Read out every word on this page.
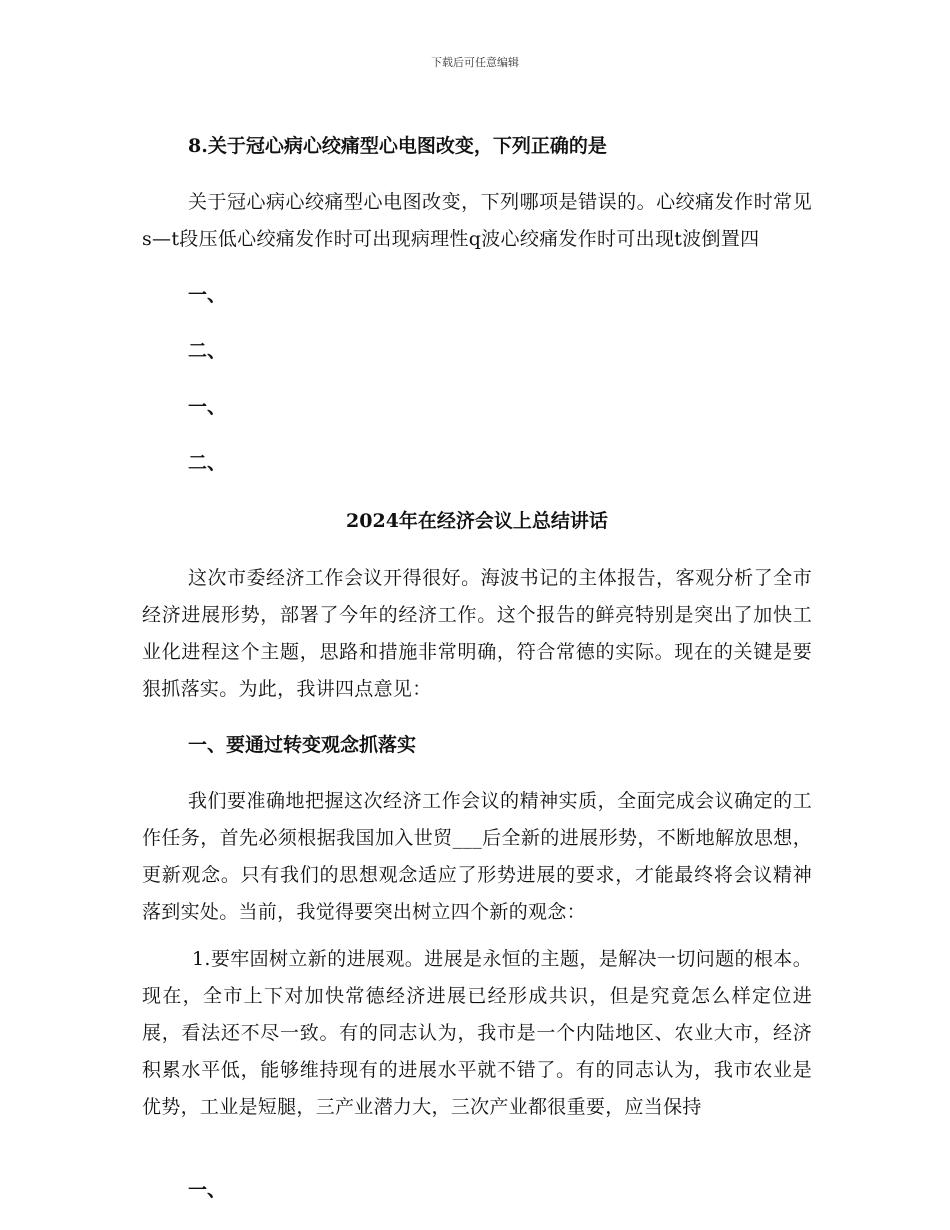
下载后可任意编辑

8.关于冠心病心绞痛型心电图改变，下列正确的是

关于冠心病心绞痛型心电图改变，下列哪项是错误的。心绞痛发作时常见s—t段压低心绞痛发作时可出现病理性q波心绞痛发作时可出现t波倒置四

一、

二、

一、

二、

2024年在经济会议上总结讲话

这次市委经济工作会议开得很好。海波书记的主体报告，客观分析了全市经济进展形势，部署了今年的经济工作。这个报告的鲜亮特别是突出了加快工业化进程这个主题，思路和措施非常明确，符合常德的实际。现在的关键是要狠抓落实。为此，我讲四点意见：

一、要通过转变观念抓落实

我们要准确地把握这次经济工作会议的精神实质，全面完成会议确定的工作任务，首先必须根据我国加入世贸___后全新的进展形势，不断地解放思想，更新观念。只有我们的思想观念适应了形势进展的要求，才能最终将会议精神落到实处。当前，我觉得要突出树立四个新的观念：

1.要牢固树立新的进展观。进展是永恒的主题，是解决一切问题的根本。现在，全市上下对加快常德经济进展已经形成共识，但是究竟怎么样定位进展，看法还不尽一致。有的同志认为，我市是一个内陆地区、农业大市，经济积累水平低，能够维持现有的进展水平就不错了。有的同志认为，我市农业是优势，工业是短腿，三产业潜力大，三次产业都很重要，应当保持

一、
